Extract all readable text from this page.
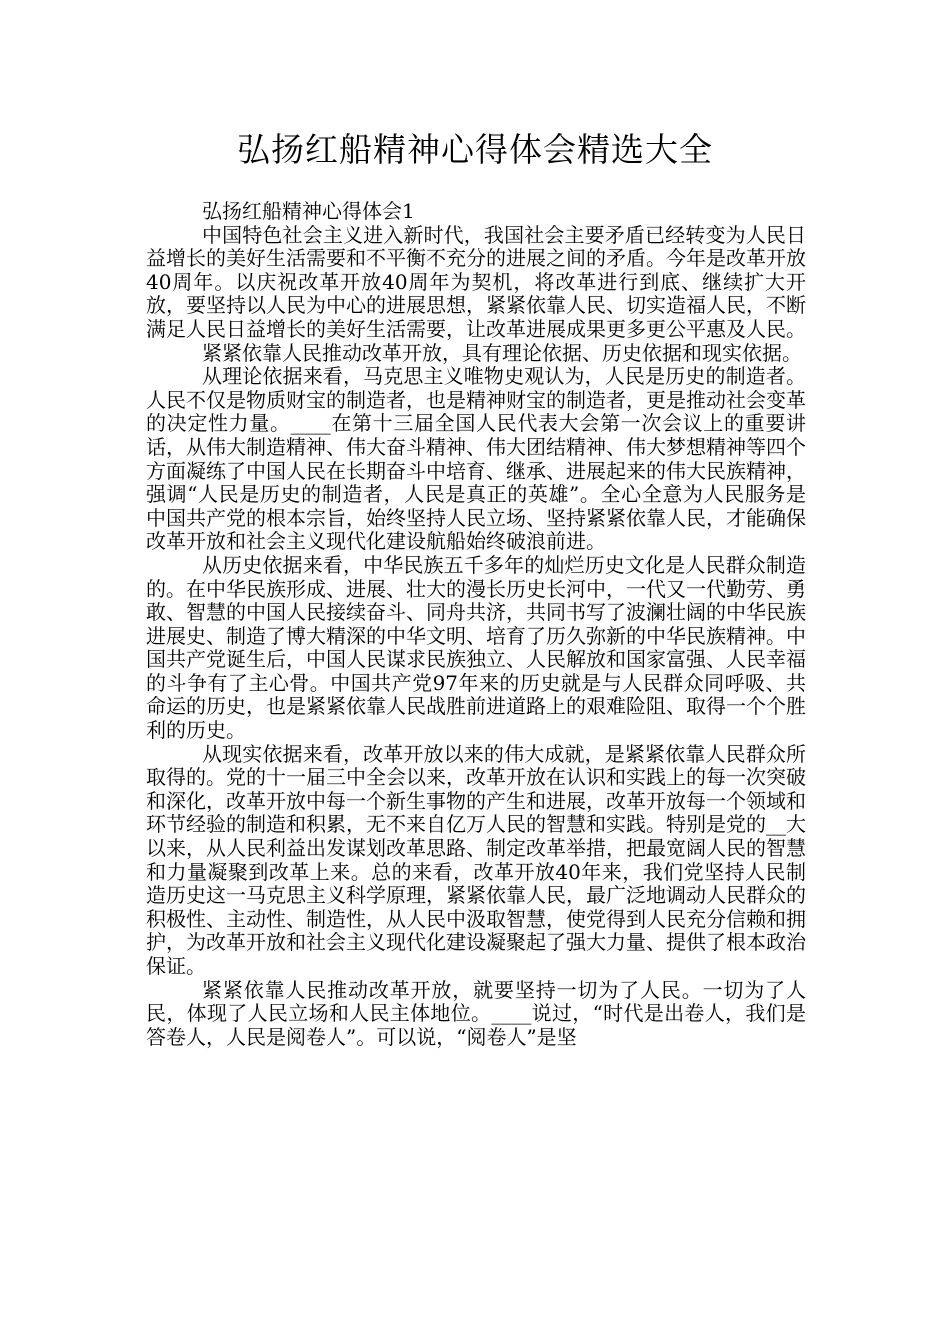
弘扬红船精神心得体会精选大全

弘扬红船精神心得体会1

中国特色社会主义进入新时代，我国社会主要矛盾已经转变为人民日益增长的美好生活需要和不平衡不充分的进展之间的矛盾。今年是改革开放40周年。以庆祝改革开放40周年为契机，将改革进行到底、继续扩大开放，要坚持以人民为中心的进展思想，紧紧依靠人民、切实造福人民，不断满足人民日益增长的美好生活需要，让改革进展成果更多更公平惠及人民。

紧紧依靠人民推动改革开放，具有理论依据、历史依据和现实依据。

从理论依据来看，马克思主义唯物史观认为，人民是历史的制造者。人民不仅是物质财宝的制造者，也是精神财宝的制造者，更是推动社会变革的决定性力量。____在第十三届全国人民代表大会第一次会议上的重要讲话，从伟大制造精神、伟大奋斗精神、伟大团结精神、伟大梦想精神等四个方面凝练了中国人民在长期奋斗中培育、继承、进展起来的伟大民族精神，强调“人民是历史的制造者，人民是真正的英雄”。全心全意为人民服务是中国共产党的根本宗旨，始终坚持人民立场、坚持紧紧依靠人民，才能确保改革开放和社会主义现代化建设航船始终破浪前进。

从历史依据来看，中华民族五千多年的灿烂历史文化是人民群众制造的。在中华民族形成、进展、壮大的漫长历史长河中，一代又一代勤劳、勇敢、智慧的中国人民接续奋斗、同舟共济，共同书写了波澜壮阔的中华民族进展史、制造了博大精深的中华文明、培育了历久弥新的中华民族精神。中国共产党诞生后，中国人民谋求民族独立、人民解放和国家富强、人民幸福的斗争有了主心骨。中国共产党97年来的历史就是与人民群众同呼吸、共命运的历史，也是紧紧依靠人民战胜前进道路上的艰难险阻、取得一个个胜利的历史。

从现实依据来看，改革开放以来的伟大成就，是紧紧依靠人民群众所取得的。党的十一届三中全会以来，改革开放在认识和实践上的每一次突破和深化，改革开放中每一个新生事物的产生和进展，改革开放每一个领域和环节经验的制造和积累，无不来自亿万人民的智慧和实践。特别是党的__大以来，从人民利益出发谋划改革思路、制定改革举措，把最宽阔人民的智慧和力量凝聚到改革上来。总的来看，改革开放40年来，我们党坚持人民制造历史这一马克思主义科学原理，紧紧依靠人民，最广泛地调动人民群众的积极性、主动性、制造性，从人民中汲取智慧，使党得到人民充分信赖和拥护，为改革开放和社会主义现代化建设凝聚起了强大力量、提供了根本政治保证。

紧紧依靠人民推动改革开放，就要坚持一切为了人民。一切为了人民，体现了人民立场和人民主体地位。____说过，“时代是出卷人，我们是答卷人，人民是阅卷人”。可以说，“阅卷人”是坚
